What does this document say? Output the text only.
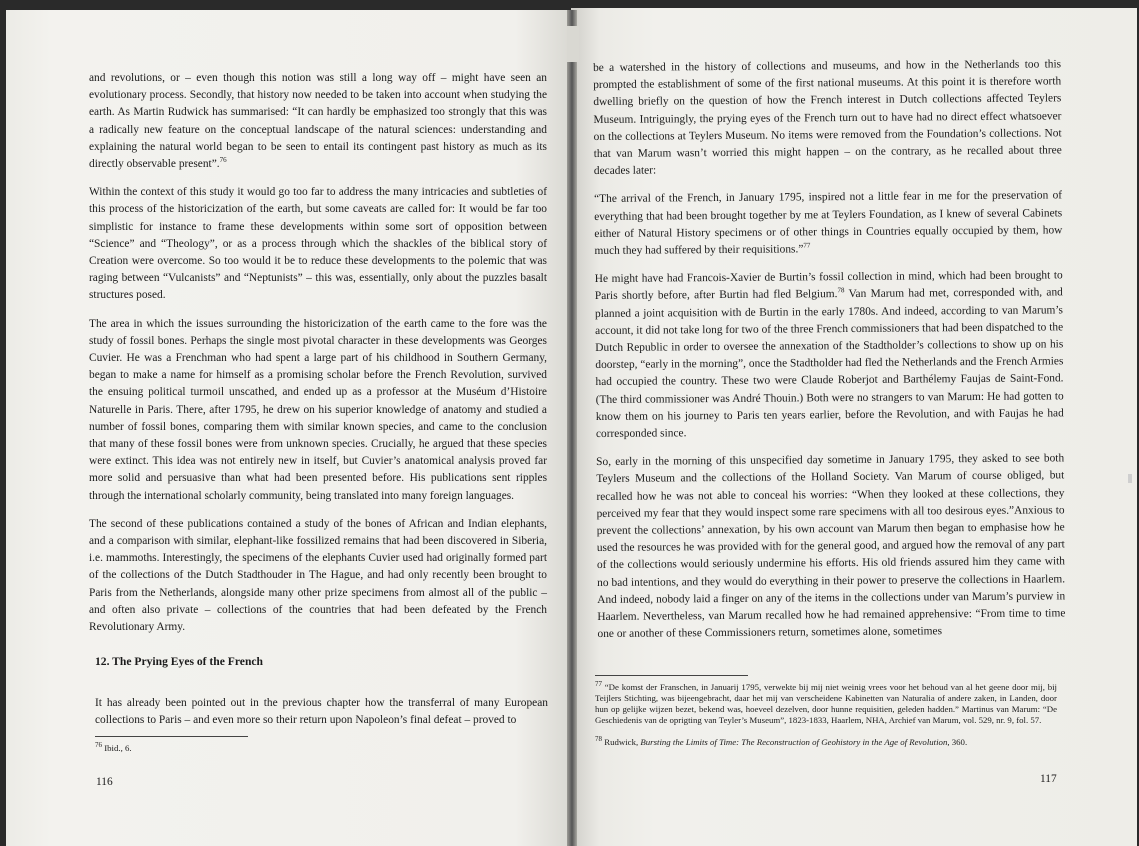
and revolutions, or – even though this notion was still a long way off – might have seen an evolutionary process. Secondly, that history now needed to be taken into account when studying the earth. As Martin Rudwick has summarised: “It can hardly be emphasized too strongly that this was a radically new feature on the conceptual landscape of the natural sciences: understanding and explaining the natural world began to be seen to entail its contingent past history as much as its directly observable present”.$^{76}$

Within the context of this study it would go too far to address the many intricacies and subtleties of this process of the historicization of the earth, but some caveats are called for: It would be far too simplistic for instance to frame these developments within some sort of opposition between “Science” and “Theology”, or as a process through which the shackles of the biblical story of Creation were overcome. So too would it be to reduce these developments to the polemic that was raging between “Vulcanists” and “Neptunists” – this was, essentially, only about the puzzles basalt structures posed.

The area in which the issues surrounding the historicization of the earth came to the fore was the study of fossil bones. Perhaps the single most pivotal character in these developments was Georges Cuvier. He was a Frenchman who had spent a large part of his childhood in Southern Germany, began to make a name for himself as a promising scholar before the French Revolution, survived the ensuing political turmoil unscathed, and ended up as a professor at the Muséum d’Histoire Naturelle in Paris. There, after 1795, he drew on his superior knowledge of anatomy and studied a number of fossil bones, comparing them with similar known species, and came to the conclusion that many of these fossil bones were from unknown species. Crucially, he argued that these species were extinct. This idea was not entirely new in itself, but Cuvier’s anatomical analysis proved far more solid and persuasive than what had been presented before. His publications sent ripples through the international scholarly community, being translated into many foreign languages.

The second of these publications contained a study of the bones of African and Indian elephants, and a comparison with similar, elephant-like fossilized remains that had been discovered in Siberia, i.e. mammoths. Interestingly, the specimens of the elephants Cuvier used had originally formed part of the collections of the Dutch Stadthouder in The Hague, and had only recently been brought to Paris from the Netherlands, alongside many other prize specimens from almost all of the public – and often also private – collections of the countries that had been defeated by the French Revolutionary Army.

12. The Prying Eyes of the French
It has already been pointed out in the previous chapter how the transferral of many European collections to Paris – and even more so their return upon Napoleon’s final defeat – proved to
$^{76}$ Ibid., 6.
116

be a watershed in the history of collections and museums, and how in the Netherlands too this prompted the establishment of some of the first national museums. At this point it is therefore worth dwelling briefly on the question of how the French interest in Dutch collections affected Teylers Museum. Intriguingly, the prying eyes of the French turn out to have had no direct effect whatsoever on the collections at Teylers Museum. No items were removed from the Foundation’s collections. Not that van Marum wasn’t worried this might happen – on the contrary, as he recalled about three decades later:

“The arrival of the French, in January 1795, inspired not a little fear in me for the preservation of everything that had been brought together by me at Teylers Foundation, as I knew of several Cabinets either of Natural History specimens or of other things in Countries equally occupied by them, how much they had suffered by their requisitions.”$^{77}$

He might have had Francois-Xavier de Burtin’s fossil collection in mind, which had been brought to Paris shortly before, after Burtin had fled Belgium.$^{78}$ Van Marum had met, corresponded with, and planned a joint acquisition with de Burtin in the early 1780s. And indeed, according to van Marum’s account, it did not take long for two of the three French commissioners that had been dispatched to the Dutch Republic in order to oversee the annexation of the Stadtholder’s collections to show up on his doorstep, “early in the morning”, once the Stadtholder had fled the Netherlands and the French Armies had occupied the country. These two were Claude Roberjot and Barthélemy Faujas de Saint-Fond. (The third commissioner was André Thouin.) Both were no strangers to van Marum: He had gotten to know them on his journey to Paris ten years earlier, before the Revolution, and with Faujas he had corresponded since.

So, early in the morning of this unspecified day sometime in January 1795, they asked to see both Teylers Museum and the collections of the Holland Society. Van Marum of course obliged, but recalled how he was not able to conceal his worries: “When they looked at these collections, they perceived my fear that they would inspect some rare specimens with all too desirous eyes.”Anxious to prevent the collections’ annexation, by his own account van Marum then began to emphasise how he used the resources he was provided with for the general good, and argued how the removal of any part of the collections would seriously undermine his efforts. His old friends assured him they came with no bad intentions, and they would do everything in their power to preserve the collections in Haarlem. And indeed, nobody laid a finger on any of the items in the collections under van Marum’s purview in Haarlem. Nevertheless, van Marum recalled how he had remained apprehensive: “From time to time one or another of these Commissioners return, sometimes alone, sometimes

$^{77}$ “De komst der Franschen, in Januarij 1795, verwekte bij mij niet weinig vrees voor het behoud van al het geene door mij, bij Teijlers Stichting, was bijeengebracht, daar het mij van verscheidene Kabinetten van Naturalia of andere zaken, in Landen, door hun op gelijke wijzen bezet, bekend was, hoeveel dezelven, door hunne requisitien, geleden hadden.” Martinus van Marum: “De Geschiedenis van de oprigting van Teyler’s Museum”, 1823-1833, Haarlem, NHA, Archief van Marum, vol. 529, nr. 9, fol. 57.
$^{78}$ Rudwick, Bursting the Limits of Time: The Reconstruction of Geohistory in the Age of Revolution, 360.
117
